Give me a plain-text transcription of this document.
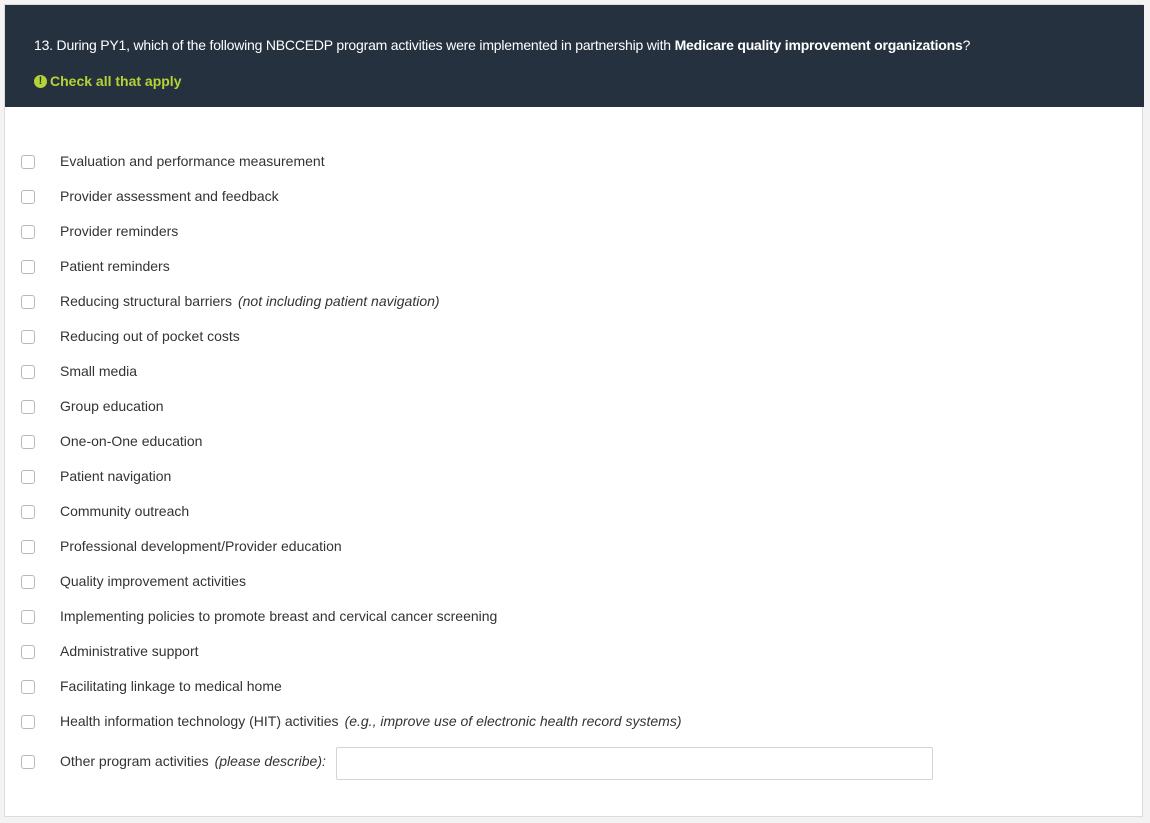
13. During PY1, which of the following NBCCEDP program activities were implemented in partnership with Medicare quality improvement organizations?
! Check all that apply
Evaluation and performance measurement
Provider assessment and feedback
Provider reminders
Patient reminders
Reducing structural barriers (not including patient navigation)
Reducing out of pocket costs
Small media
Group education
One-on-One education
Patient navigation
Community outreach
Professional development/Provider education
Quality improvement activities
Implementing policies to promote breast and cervical cancer screening
Administrative support
Facilitating linkage to medical home
Health information technology (HIT) activities (e.g., improve use of electronic health record systems)
Other program activities (please describe):
